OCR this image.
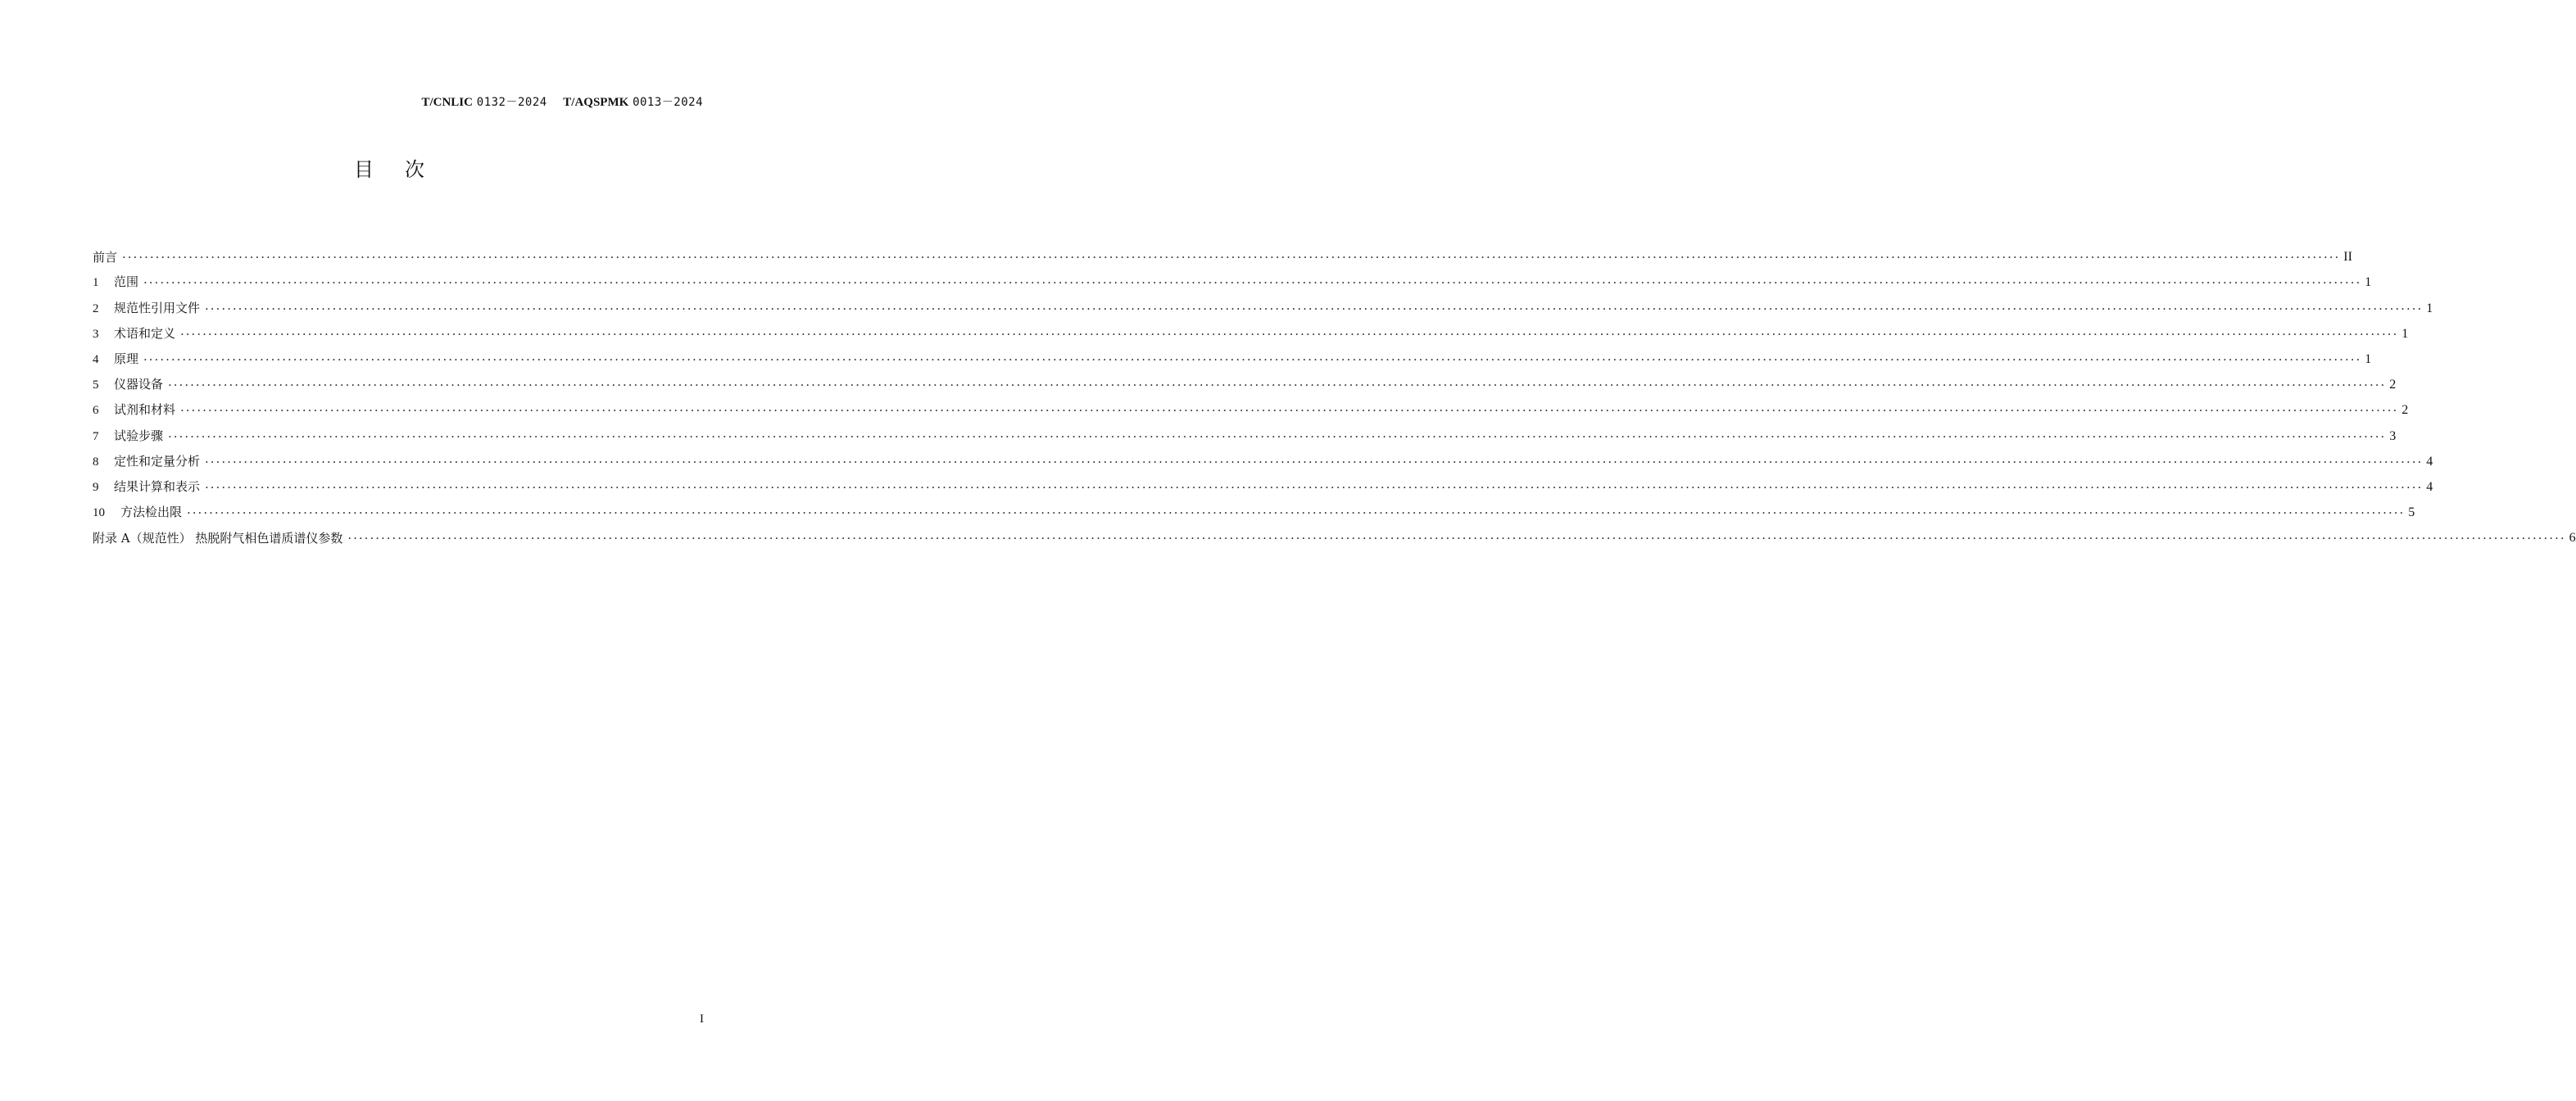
T/CNLIC 0132－2024 T/AQSPMK 0013－2024
目次
前言 ················································································································································································································································································································································································································ II
1 范围 ················································································································································································································································································································································································································ 1
2 规范性引用文件 ················································································································································································································································································································································································································ 1
3 术语和定义 ················································································································································································································································································································································································································ 1
4 原理 ················································································································································································································································································································································································································ 1
5 仪器设备 ················································································································································································································································································································································································································ 2
6 试剂和材料 ················································································································································································································································································································································································································ 2
7 试验步骤 ················································································································································································································································································································································································································ 3
8 定性和定量分析 ················································································································································································································································································································································································································ 4
9 结果计算和表示 ················································································································································································································································································································································································································ 4
10 方法检出限 ················································································································································································································································································································································································································ 5
附录 A（规范性） 热脱附气相色谱质谱仪参数 ················································································································································································································································································································································································································ 6
I
